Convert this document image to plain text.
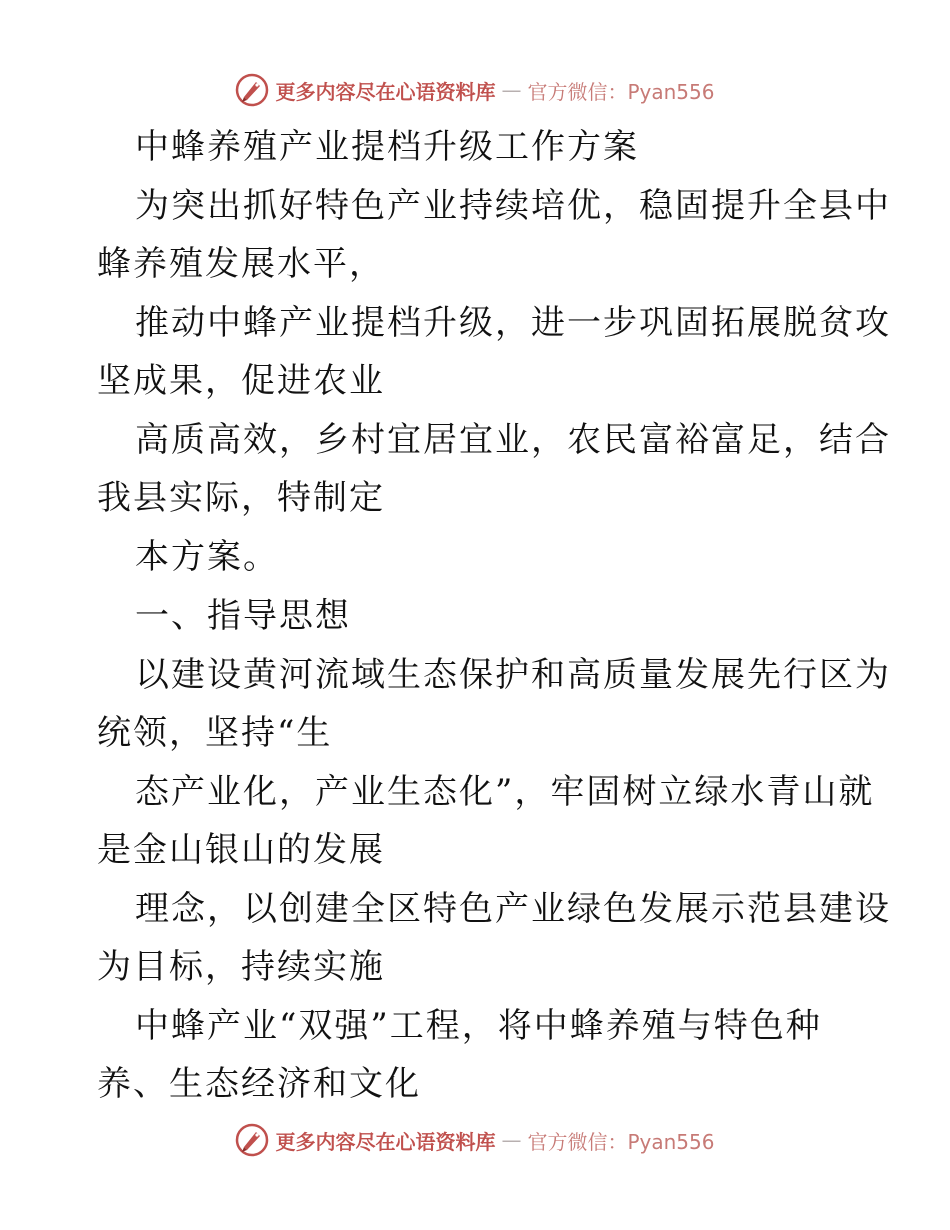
更多内容尽在心语资料库 — 官方微信：Pyan556
中蜂养殖产业提档升级工作方案
为突出抓好特色产业持续培优，稳固提升全县中
蜂养殖发展水平，
推动中蜂产业提档升级，进一步巩固拓展脱贫攻
坚成果，促进农业
高质高效，乡村宜居宜业，农民富裕富足，结合
我县实际，特制定
本方案。
一、指导思想
以建设黄河流域生态保护和高质量发展先行区为
统领，坚持“生
态产业化，产业生态化”，牢固树立绿水青山就
是金山银山的发展
理念，以创建全区特色产业绿色发展示范县建设
为目标，持续实施
中蜂产业“双强”工程，将中蜂养殖与特色种
养、生态经济和文化
更多内容尽在心语资料库 — 官方微信：Pyan556
